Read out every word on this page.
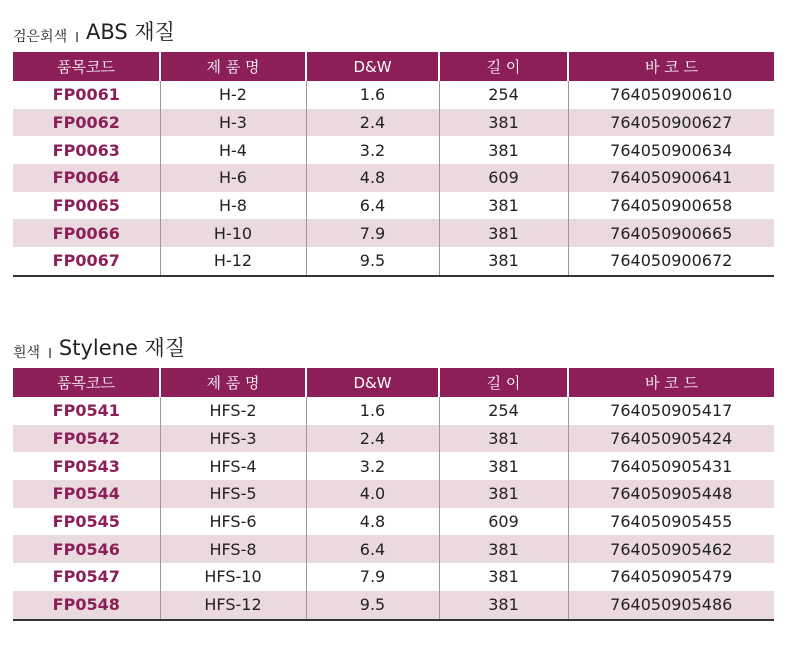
검은회색 I ABS 재질
품목코드	제 품 명	D&W	길 이	바 코 드
FP0061	H-2	1.6	254	764050900610
FP0062	H-3	2.4	381	764050900627
FP0063	H-4	3.2	381	764050900634
FP0064	H-6	4.8	609	764050900641
FP0065	H-8	6.4	381	764050900658
FP0066	H-10	7.9	381	764050900665
FP0067	H-12	9.5	381	764050900672
흰색 I Stylene 재질
품목코드	제 품 명	D&W	길 이	바 코 드
FP0541	HFS-2	1.6	254	764050905417
FP0542	HFS-3	2.4	381	764050905424
FP0543	HFS-4	3.2	381	764050905431
FP0544	HFS-5	4.0	381	764050905448
FP0545	HFS-6	4.8	609	764050905455
FP0546	HFS-8	6.4	381	764050905462
FP0547	HFS-10	7.9	381	764050905479
FP0548	HFS-12	9.5	381	764050905486
